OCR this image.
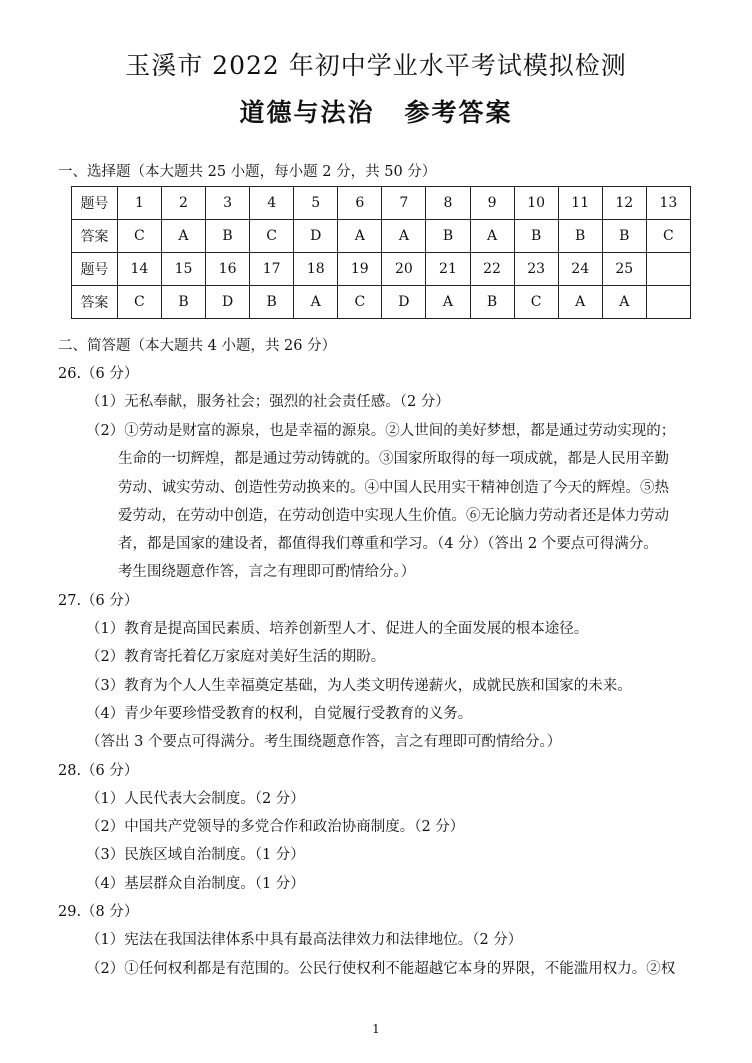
玉溪市 2022 年初中学业水平考试模拟检测
道德与法治 参考答案
一、选择题（本大题共 25 小题，每小题 2 分，共 50 分）
题号	1	2	3	4	5	6	7	8	9	10	11	12	13
答案	C	A	B	C	D	A	A	B	A	B	B	B	C
题号	14	15	16	17	18	19	20	21	22	23	24	25	
答案	C	B	D	B	A	C	D	A	B	C	A	A	
二、简答题（本大题共 4 小题，共 26 分）
26.（6 分）
（1）无私奉献，服务社会；强烈的社会责任感。（2 分）
（2）①劳动是财富的源泉，也是幸福的源泉。②人世间的美好梦想，都是通过劳动实现的；
生命的一切辉煌，都是通过劳动铸就的。③国家所取得的每一项成就，都是人民用辛勤
劳动、诚实劳动、创造性劳动换来的。④中国人民用实干精神创造了今天的辉煌。⑤热
爱劳动，在劳动中创造，在劳动创造中实现人生价值。⑥无论脑力劳动者还是体力劳动
者，都是国家的建设者，都值得我们尊重和学习。（4 分）（答出 2 个要点可得满分。
考生围绕题意作答，言之有理即可酌情给分。）
27.（6 分）
（1）教育是提高国民素质、培养创新型人才、促进人的全面发展的根本途径。
（2）教育寄托着亿万家庭对美好生活的期盼。
（3）教育为个人人生幸福奠定基础，为人类文明传递薪火，成就民族和国家的未来。
（4）青少年要珍惜受教育的权利，自觉履行受教育的义务。
（答出 3 个要点可得满分。考生围绕题意作答，言之有理即可酌情给分。）
28.（6 分）
（1）人民代表大会制度。（2 分）
（2）中国共产党领导的多党合作和政治协商制度。（2 分）
（3）民族区域自治制度。（1 分）
（4）基层群众自治制度。（1 分）
29.（8 分）
（1）宪法在我国法律体系中具有最高法律效力和法律地位。（2 分）
（2）①任何权利都是有范围的。公民行使权利不能超越它本身的界限，不能滥用权力。②权
1
